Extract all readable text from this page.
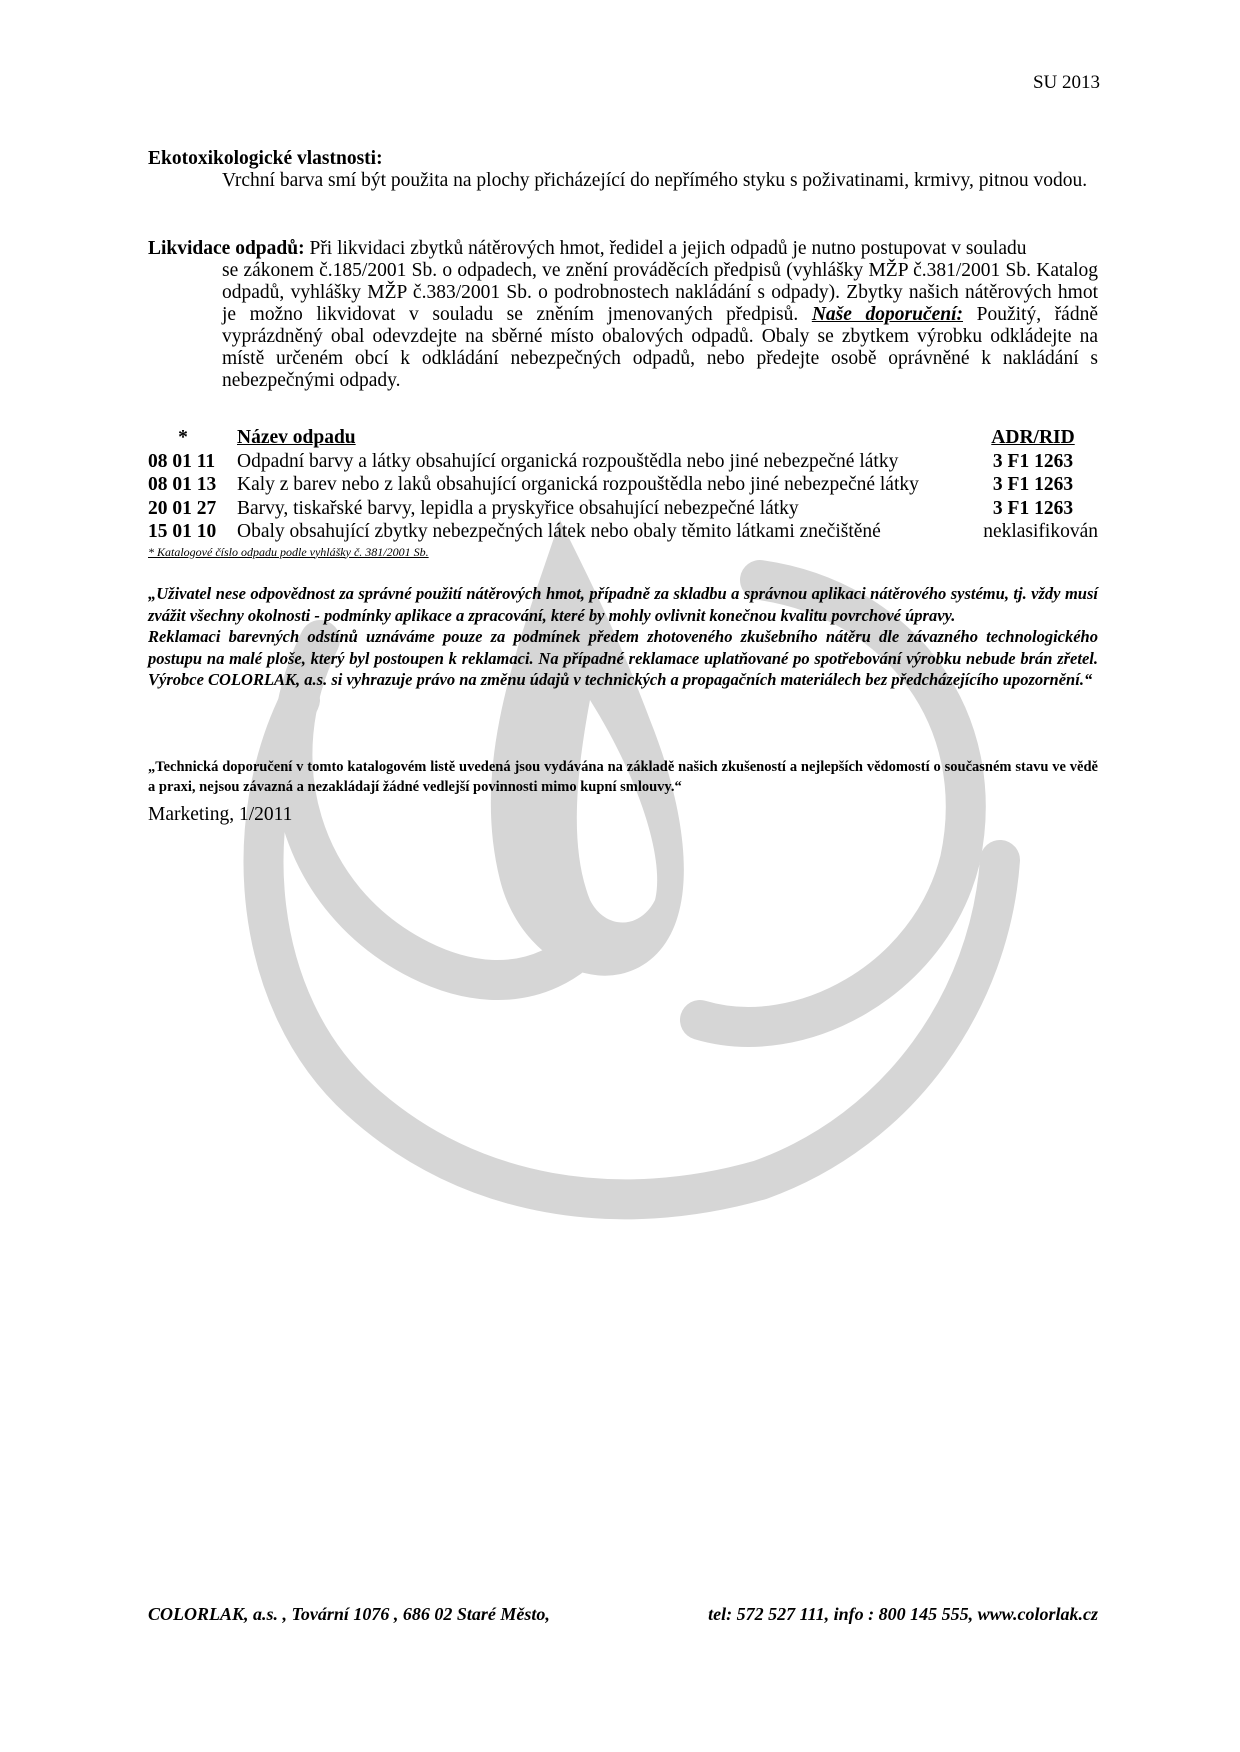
SU 2013
Ekotoxikologické vlastnosti:
Vrchní barva smí být použita na plochy přicházející do nepřímého styku s poživatinami, krmivy, pitnou vodou.
Likvidace odpadů: Při likvidaci zbytků nátěrových hmot, ředidel a jejich odpadů je nutno postupovat v souladu
se zákonem č.185/2001 Sb. o odpadech, ve znění prováděcích předpisů (vyhlášky MŽP č.381/2001 Sb. Katalog odpadů, vyhlášky MŽP č.383/2001 Sb. o podrobnostech nakládání s odpady). Zbytky našich nátěrových hmot je možno likvidovat v souladu se zněním jmenovaných předpisů. Naše doporučení: Použitý, řádně vyprázdněný obal odevzdejte na sběrné místo obalových odpadů. Obaly se zbytkem výrobku odkládejte na místě určeném obcí k odkládání nebezpečných odpadů, nebo předejte osobě oprávněné k nakládání s nebezpečnými odpady.
*	Název odpadu	ADR/RID
08 01 11	Odpadní barvy a látky obsahující organická rozpouštědla nebo jiné nebezpečné látky	3 F1 1263
08 01 13	Kaly z barev nebo z laků obsahující organická rozpouštědla nebo jiné nebezpečné látky	3 F1 1263
20 01 27	Barvy, tiskařské barvy, lepidla a pryskyřice obsahující nebezpečné látky	3 F1 1263
15 01 10	Obaly obsahující zbytky nebezpečných látek nebo obaly těmito látkami znečištěné	neklasifikován
* Katalogové číslo odpadu podle vyhlášky č. 381/2001 Sb.

„Uživatel nese odpovědnost za správné použití nátěrových hmot, případně za skladbu a správnou aplikaci nátěrového systému, tj. vždy musí zvážit všechny okolnosti - podmínky aplikace a zpracování, které by mohly ovlivnit konečnou kvalitu povrchové úpravy.

Reklamaci barevných odstínů uznáváme pouze za podmínek předem zhotoveného zkušebního nátěru dle závazného technologického postupu na malé ploše, který byl postoupen k reklamaci. Na případné reklamace uplatňované po spotřebování výrobku nebude brán zřetel. Výrobce COLORLAK, a.s. si vyhrazuje právo na změnu údajů v technických a propagačních materiálech bez předcházejícího upozornění.“

„Technická doporučení v tomto katalogovém listě uvedená jsou vydávána na základě našich zkušeností a nejlepších vědomostí o současném stavu ve vědě a praxi, nejsou závazná a nezakládají žádné vedlejší povinnosti mimo kupní smlouvy.“
Marketing, 1/2011
COLORLAK, a.s. , Tovární 1076 , 686 02 Staré Město,	tel: 572 527 111, info : 800 145 555, www.colorlak.cz
